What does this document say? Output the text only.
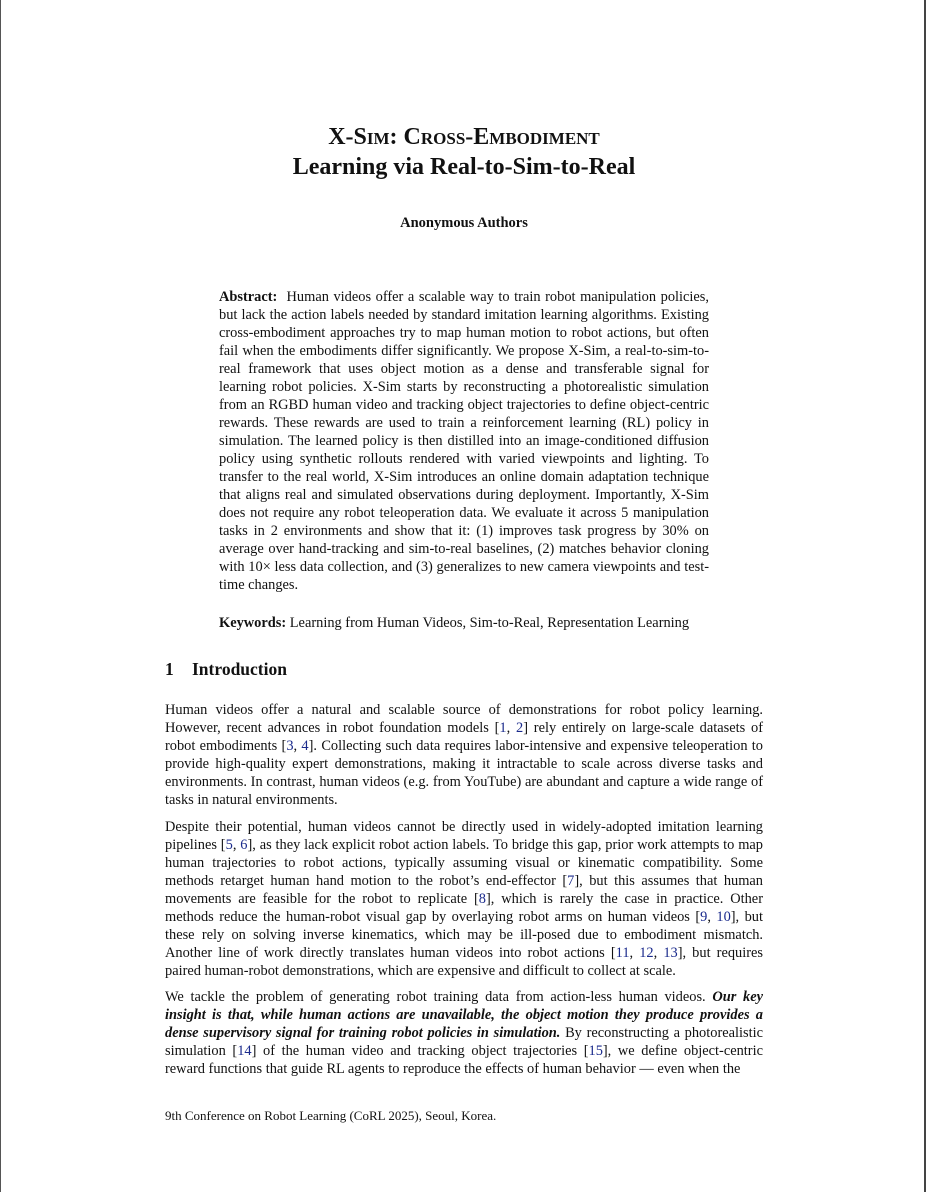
X-Sim: Cross-Embodiment
Learning via Real-to-Sim-to-Real

Anonymous Authors

Abstract: Human videos offer a scalable way to train robot manipulation policies, but lack the action labels needed by standard imitation learning algorithms. Existing cross-embodiment approaches try to map human motion to robot actions, but often fail when the embodiments differ significantly. We propose X-Sim, a real-to-sim-to-real framework that uses object motion as a dense and transferable signal for learning robot policies. X-Sim starts by reconstructing a photorealistic simulation from an RGBD human video and tracking object trajectories to define object-centric rewards. These rewards are used to train a reinforcement learning (RL) policy in simulation. The learned policy is then distilled into an image-conditioned diffusion policy using synthetic rollouts rendered with varied viewpoints and lighting. To transfer to the real world, X-Sim introduces an online domain adaptation technique that aligns real and simulated observations during deployment. Importantly, X-Sim does not require any robot teleoperation data. We evaluate it across 5 manipulation tasks in 2 environments and show that it: (1) improves task progress by 30% on average over hand-tracking and sim-to-real baselines, (2) matches behavior cloning with 10× less data collection, and (3) generalizes to new camera viewpoints and test-time changes.

Keywords: Learning from Human Videos, Sim-to-Real, Representation Learning

1 Introduction

Human videos offer a natural and scalable source of demonstrations for robot policy learning. However, recent advances in robot foundation models [1, 2] rely entirely on large-scale datasets of robot embodiments [3, 4]. Collecting such data requires labor-intensive and expensive teleoperation to provide high-quality expert demonstrations, making it intractable to scale across diverse tasks and environments. In contrast, human videos (e.g. from YouTube) are abundant and capture a wide range of tasks in natural environments.

Despite their potential, human videos cannot be directly used in widely-adopted imitation learning pipelines [5, 6], as they lack explicit robot action labels. To bridge this gap, prior work attempts to map human trajectories to robot actions, typically assuming visual or kinematic compatibility. Some methods retarget human hand motion to the robot’s end-effector [7], but this assumes that human movements are feasible for the robot to replicate [8], which is rarely the case in practice. Other methods reduce the human-robot visual gap by overlaying robot arms on human videos [9, 10], but these rely on solving inverse kinematics, which may be ill-posed due to embodiment mismatch. Another line of work directly translates human videos into robot actions [11, 12, 13], but requires paired human-robot demonstrations, which are expensive and difficult to collect at scale.

We tackle the problem of generating robot training data from action-less human videos. Our key insight is that, while human actions are unavailable, the object motion they produce provides a dense supervisory signal for training robot policies in simulation. By reconstructing a photorealistic simulation [14] of the human video and tracking object trajectories [15], we define object-centric reward functions that guide RL agents to reproduce the effects of human behavior — even when the

9th Conference on Robot Learning (CoRL 2025), Seoul, Korea.
